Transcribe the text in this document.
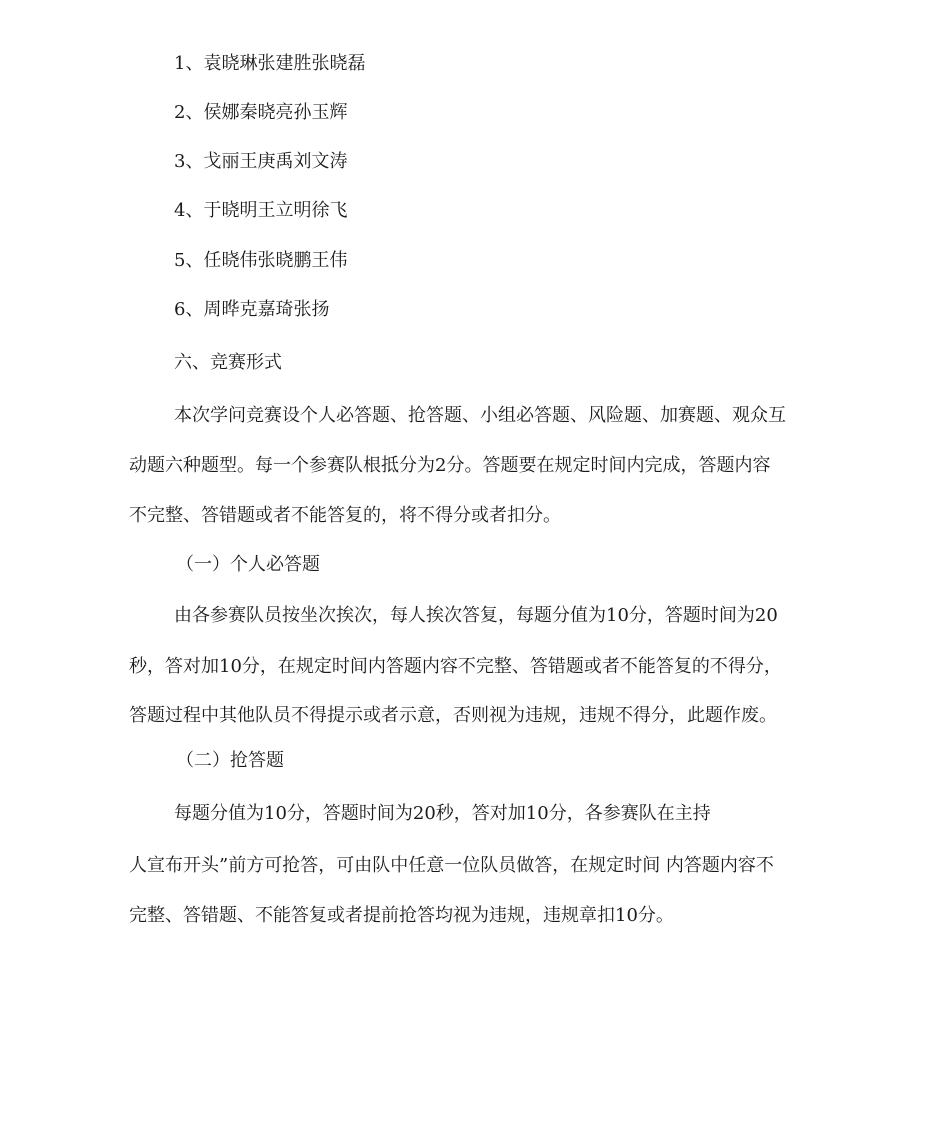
1、袁晓琳张建胜张晓磊
2、侯娜秦晓亮孙玉辉
3、戈丽王庚禹刘文涛
4、于晓明王立明徐飞
5、任晓伟张晓鹏王伟
6、周晔克嘉琦张扬
六、竞赛形式
本次学问竞赛设个人必答题、抢答题、小组必答题、风险题、加赛题、观众互
动题六种题型。每一个参赛队根抵分为2分。答题要在规定时间内完成，答题内容
不完整、答错题或者不能答复的，将不得分或者扣分。
（一）个人必答题
由各参赛队员按坐次挨次，每人挨次答复，每题分值为10分，答题时间为20
秒，答对加10分，在规定时间内答题内容不完整、答错题或者不能答复的不得分，
答题过程中其他队员不得提示或者示意，否则视为违规，违规不得分，此题作废。
（二）抢答题
每题分值为10分，答题时间为20秒，答对加10分，各参赛队在主持
人宣布开头”前方可抢答，可由队中任意一位队员做答，在规定时间 内答题内容不
完整、答错题、不能答复或者提前抢答均视为违规，违规章扣10分。
